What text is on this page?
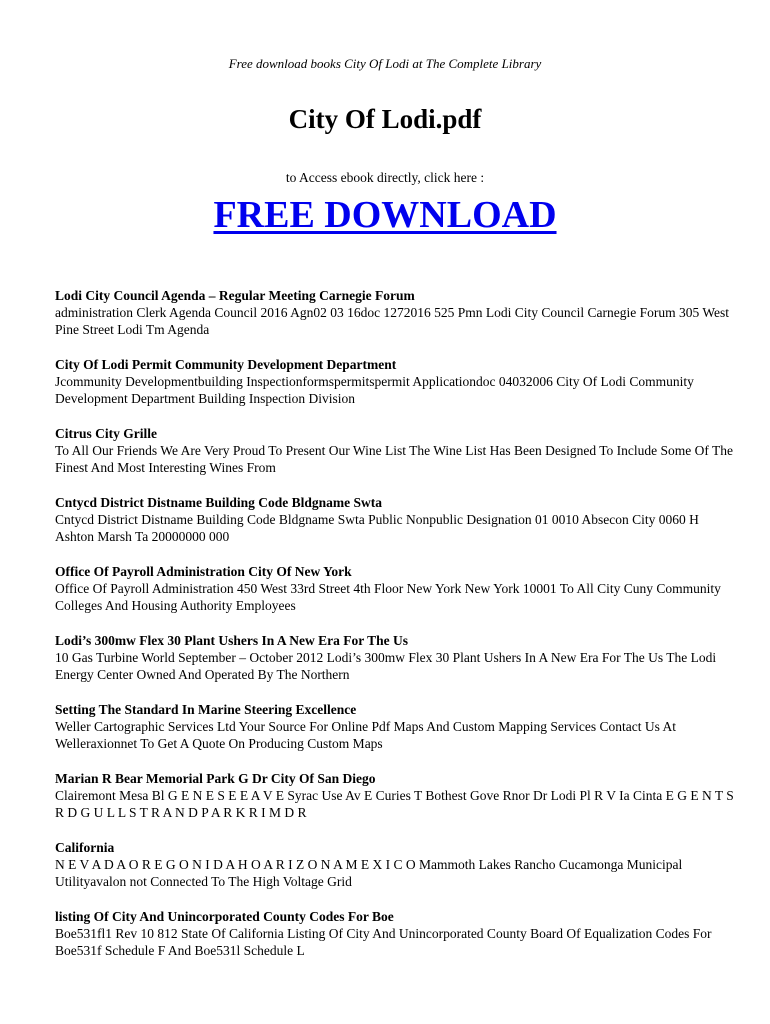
Free download books City Of Lodi at The Complete Library
City Of Lodi.pdf
to Access ebook directly, click here :
FREE DOWNLOAD
Lodi City Council Agenda – Regular Meeting Carnegie Forum
administration Clerk Agenda Council 2016 Agn02 03 16doc 1272016 525 Pmn Lodi City Council Carnegie Forum 305 West Pine Street Lodi Tm Agenda
City Of Lodi Permit Community Development Department
Jcommunity Developmentbuilding Inspectionformspermitspermit Applicationdoc 04032006 City Of Lodi Community Development Department Building Inspection Division
Citrus City Grille
To All Our Friends We Are Very Proud To Present Our Wine List The Wine List Has Been Designed To Include Some Of The Finest And Most Interesting Wines From
Cntycd District Distname Building Code Bldgname Swta
Cntycd District Distname Building Code Bldgname Swta Public Nonpublic Designation 01 0010 Absecon City 0060 H Ashton Marsh Ta 20000000 000
Office Of Payroll Administration City Of New York
Office Of Payroll Administration 450 West 33rd Street 4th Floor New York New York 10001 To All City Cuny Community Colleges And Housing Authority Employees
Lodi’s 300mw Flex 30 Plant Ushers In A New Era For The Us
10 Gas Turbine World September – October 2012 Lodi’s 300mw Flex 30 Plant Ushers In A New Era For The Us The Lodi Energy Center Owned And Operated By The Northern
Setting The Standard In Marine Steering Excellence
Weller Cartographic Services Ltd Your Source For Online Pdf Maps And Custom Mapping Services Contact Us At Welleraxionnet To Get A Quote On Producing Custom Maps
Marian R Bear Memorial Park G Dr City Of San Diego
Clairemont Mesa Bl G E N E S E E A V E Syrac Use Av E Curies T Bothest Gove Rnor Dr Lodi Pl R V Ia Cinta E G E N T S R D G U L L S T R A N D P A R K R I M D R
California
N E V A D A O R E G O N I D A H O A R I Z O N A M E X I C O Mammoth Lakes Rancho Cucamonga Municipal Utilityavalon not Connected To The High Voltage Grid
listing Of City And Unincorporated County Codes For Boe
Boe531fl1 Rev 10 812 State Of California Listing Of City And Unincorporated County Board Of Equalization Codes For Boe531f Schedule F And Boe531l Schedule L
